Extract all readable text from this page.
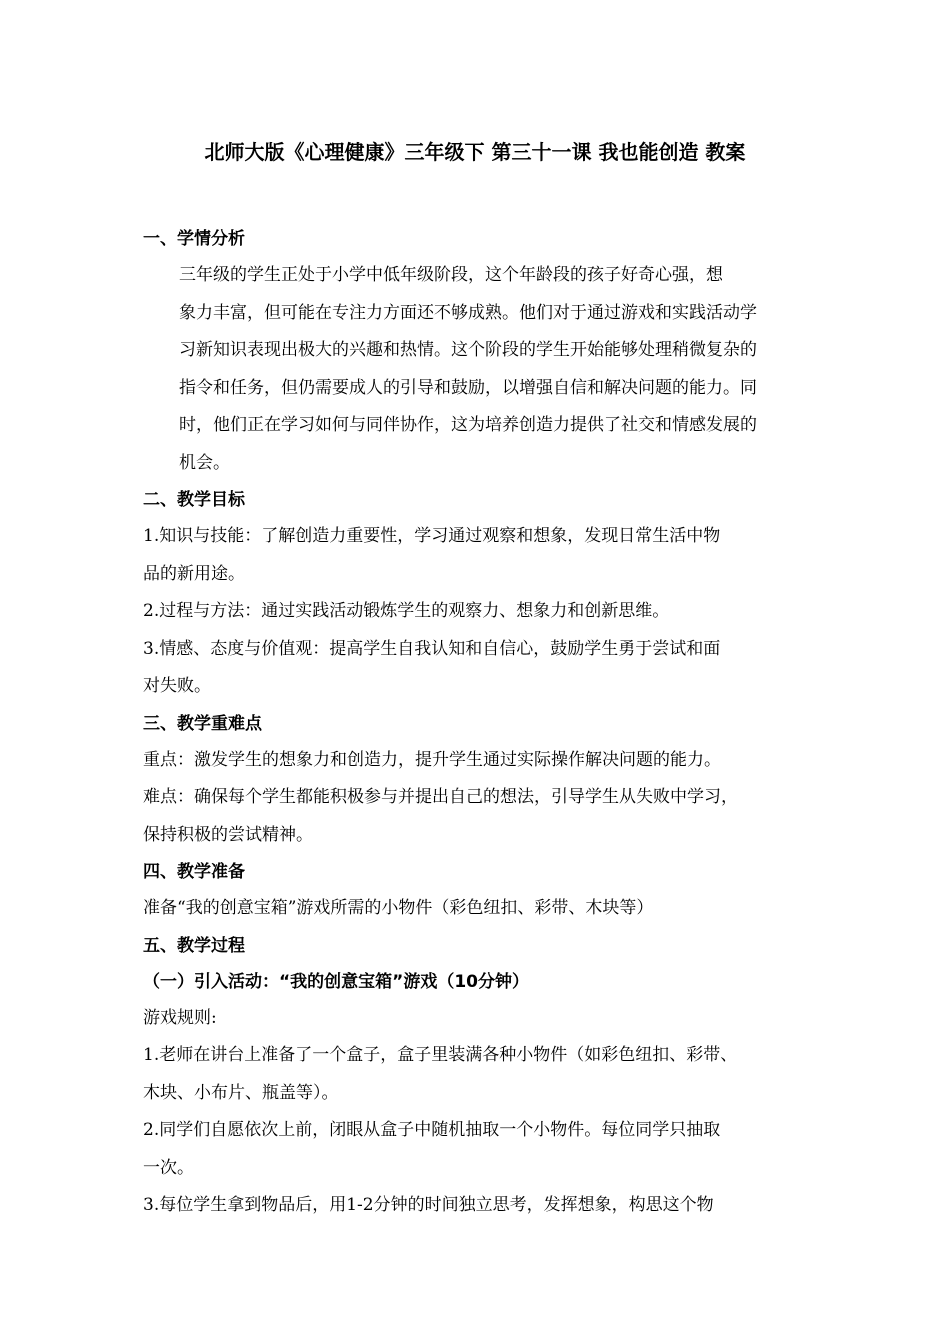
北师大版《心理健康》三年级下 第三十一课 我也能创造 教案
一、学情分析
三年级的学生正处于小学中低年级阶段，这个年龄段的孩子好奇心强，想
象力丰富，但可能在专注力方面还不够成熟。他们对于通过游戏和实践活动学
习新知识表现出极大的兴趣和热情。这个阶段的学生开始能够处理稍微复杂的
指令和任务，但仍需要成人的引导和鼓励，以增强自信和解决问题的能力。同
时，他们正在学习如何与同伴协作，这为培养创造力提供了社交和情感发展的
机会。
二、教学目标
1.知识与技能：了解创造力重要性，学习通过观察和想象，发现日常生活中物
品的新用途。
2.过程与方法：通过实践活动锻炼学生的观察力、想象力和创新思维。
3.情感、态度与价值观：提高学生自我认知和自信心，鼓励学生勇于尝试和面
对失败。
三、教学重难点
重点：激发学生的想象力和创造力，提升学生通过实际操作解决问题的能力。
难点：确保每个学生都能积极参与并提出自己的想法，引导学生从失败中学习，
保持积极的尝试精神。
四、教学准备
准备“我的创意宝箱”游戏所需的小物件（彩色纽扣、彩带、木块等）
五、教学过程
（一）引入活动：“我的创意宝箱”游戏（10分钟）
游戏规则:
1.老师在讲台上准备了一个盒子，盒子里装满各种小物件（如彩色纽扣、彩带、
木块、小布片、瓶盖等）。
2.同学们自愿依次上前，闭眼从盒子中随机抽取一个小物件。每位同学只抽取
一次。
3.每位学生拿到物品后，用1-2分钟的时间独立思考，发挥想象，构思这个物
